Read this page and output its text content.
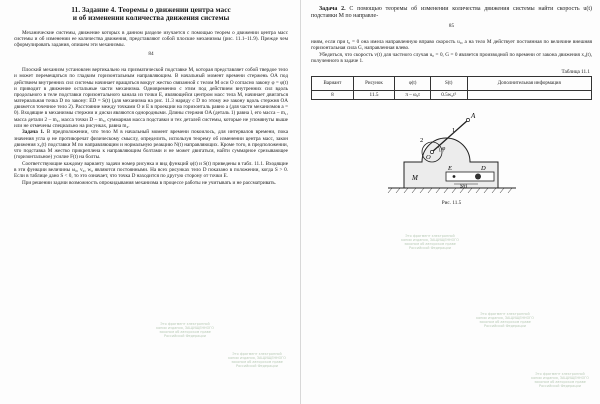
11. Задание 4. Теоремы о движении центра масс
и об изменении количества движения системы

Механические системы, движение которых в данном разделе изучается с помощью теорем о движении центра масс системы и об изменении ее количества движения, представляют собой плоские механизмы (рис. 11.1–11.9). Прежде чем сформулировать задания, опишем эти механизмы.

84

Плоский механизм установлен вертикально на призматической подставке M, которая представляет собой твердое тело и может перемещаться по гладким горизонтальным направляющим. В начальный момент времени стержень OA под действием внутренних сил системы начинает вращаться вокруг жестко связанной с телом M оси O согласно закону φ = φ(t) и приводит в движение остальные части механизма. Одновременно с этим под действием внутренних сил вдоль продольного в теле подставки горизонтального канала из точки E, являющейся центром масс тела M, начинает двигаться материальная точка D по закону: ED = S(t) (для механизма на рис. 11.3 наряду с D по этому же закону вдоль стержня OA движется точечное тело 2). Расстояние между точками O и E в проекции на горизонталь равно a (для части механизмов a = 0). Входящие в механизмы стержни и диски являются однородными. Длины стержня OA (деталь 1) равна l, его масса – m₁, масса детали 2 – m₂, масса точки D – m₃, суммарная масса подставки и тех деталей системы, которые не упомянуты выше или не отмечены специально на рисунках, равна m₄.

Задача 1. В предположении, что тело M в начальный момент времени покоилось, для интервалов времени, пока значения угла φ не противоречат физическому смыслу, определить, используя теорему об изменении центра масс, закон движения x₄(t) подставки M по направляющим и нормальную реакцию N(t) направляющих. Кроме того, в предположении, что подставка M жестко прикреплена к направляющим болтами и не может двигаться, найти суммарное срезывающее (горизонтальное) усилие F(t) на болты.

Соответствующие каждому варианту задачи номер рисунка и вид функций φ(t) и S(t) приведены в табл. 11.1. Входящие в эти функции величины ω₀, v₀, w₀ являются постоянными. На всех рисунках тело D показано в положении, когда S > 0. Если в таблице дано S < 0, то это означает, что точка D находится по другую сторону от точки E.

При решении задачи возможность опрокидывания механизма в процессе работы не учитывать и не рассматривать.

Задача 2. С помощью теоремы об изменении количества движения системы найти скорость u(t) подставки M по направле-

85

ниям, если при t₀ = 0 она имела направленную вправо скорость u₀, а на тело M действует постоянная по величине внешняя горизонтальная сила G, направленная влево.

Убедиться, что скорость v(t) для частного случая u₀ = 0, G = 0 является производной по времени от закона движения x₄(t), полученного в задаче 1.

Таблица 11.1
Вариант	Рисунок	φ(t)	S(t)	Дополнительная информация
8	11.5	π – ω₀t	0.5w₀t²	
A
1
2
O
φ
D
M
E
S(t)
Рис. 11.5
Это фрагмент электронной
копии издания, ЗАЩИЩЕННОГО
законом об авторском праве
Российской Федерации
Это фрагмент электронной
копии издания, ЗАЩИЩЕННОГО
законом об авторском праве
Российской Федерации
Это фрагмент электронной
копии издания, ЗАЩИЩЕННОГО
законом об авторском праве
Российской Федерации
Это фрагмент электронной
копии издания, ЗАЩИЩЕННОГО
законом об авторском праве
Российской Федерации
Это фрагмент электронной
копии издания, ЗАЩИЩЕННОГО
законом об авторском праве
Российской Федерации
